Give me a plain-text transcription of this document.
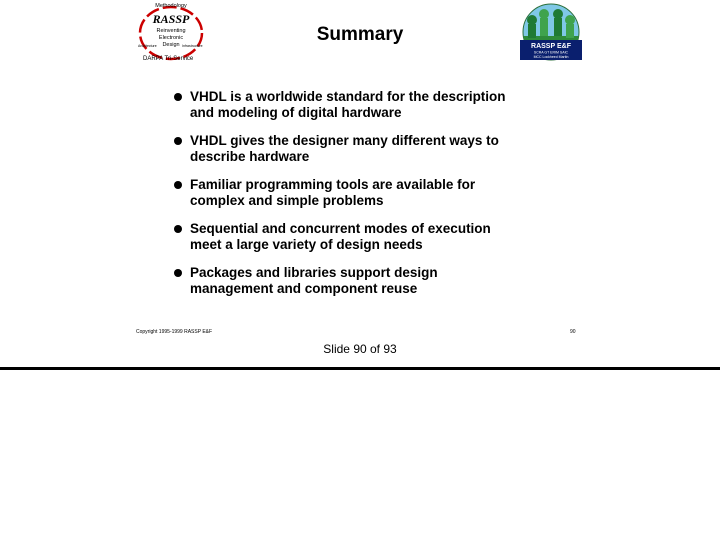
Methodology
RASSP
Reinventing
Electronic
Design
Architecture	Infrastructure
DARPA Tri-Service
Summary
RASSP E&F
SCRA GT ERIM SAIC
MCC Lockheed Martin
VHDL is a worldwide standard for the description
and modeling of digital hardware
VHDL gives the designer many different ways to
describe hardware
Familiar programming tools are available for
complex and simple problems
Sequential and concurrent modes of execution
meet a large variety of design needs
Packages and libraries support design
management and component reuse
Copyright 1995-1999 RASSP E&F	90
Slide 90 of 93
